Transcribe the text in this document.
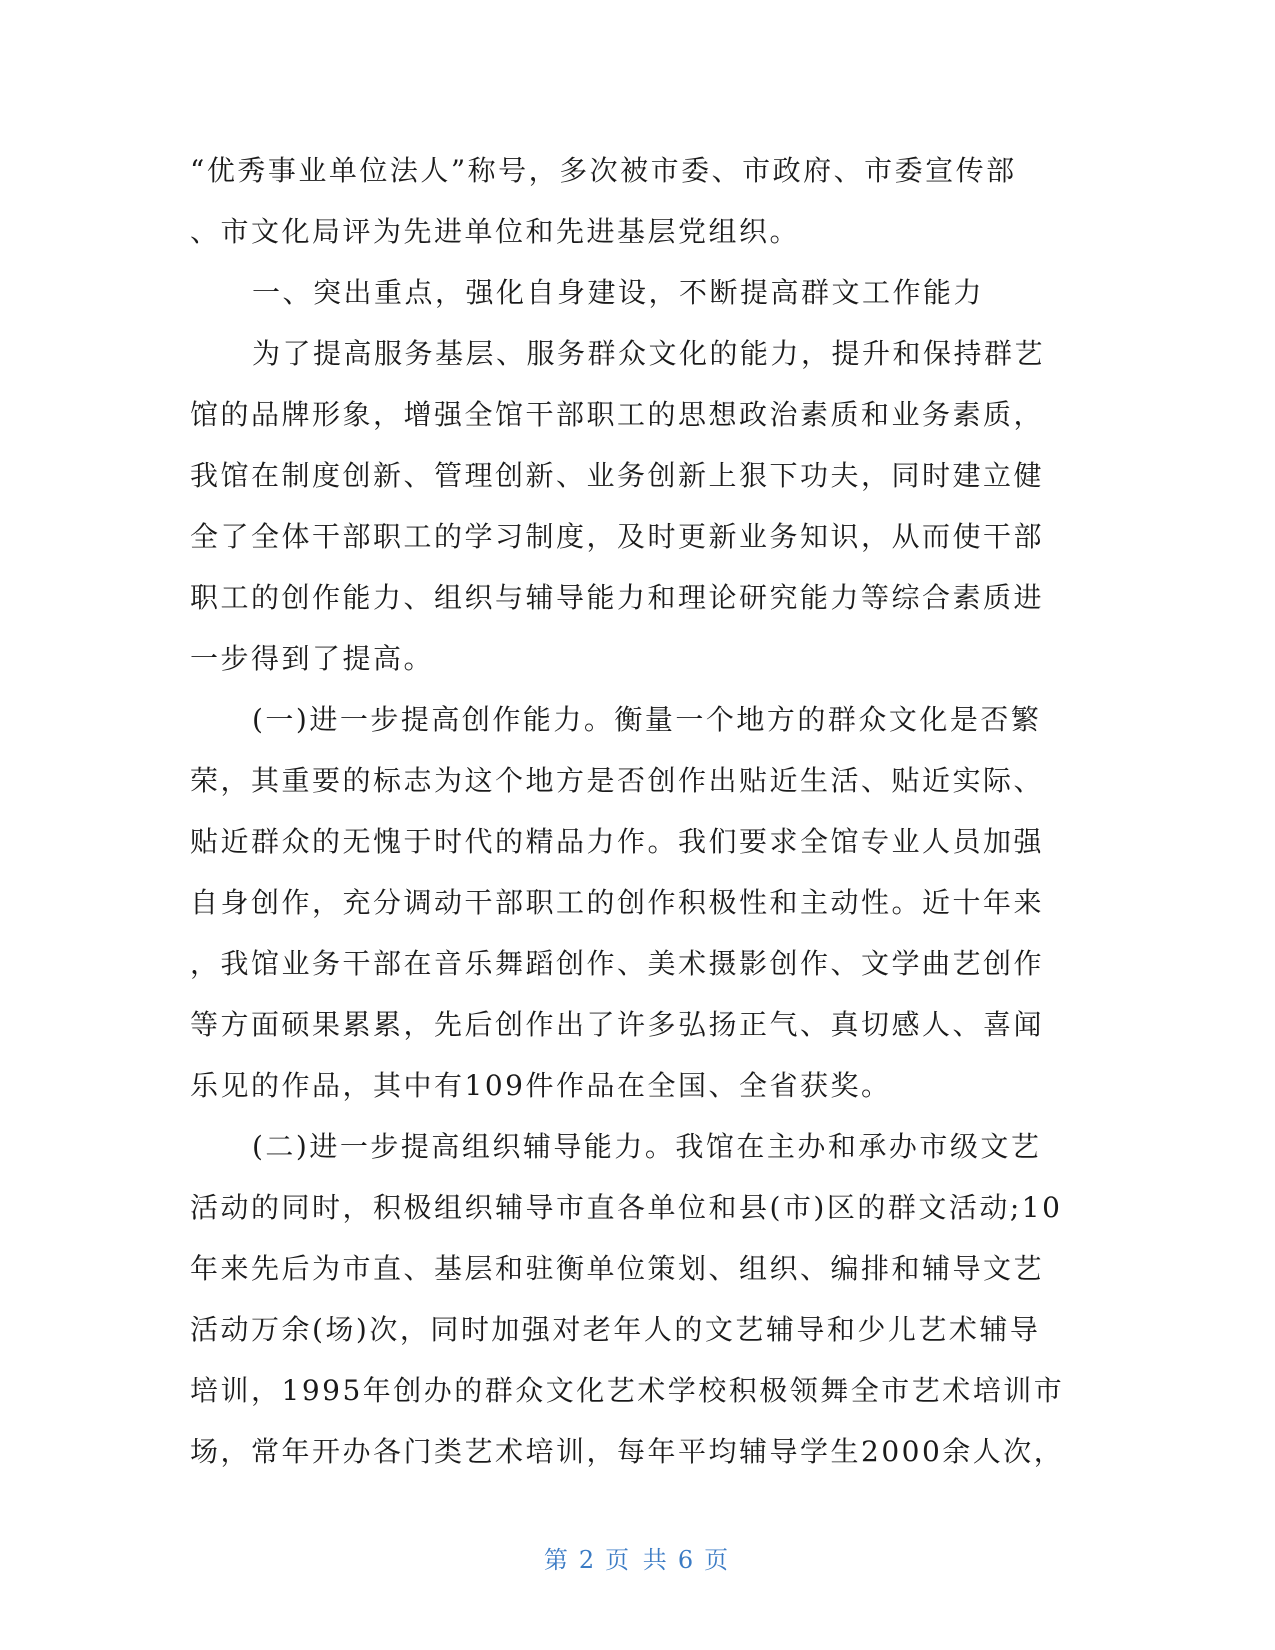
“优秀事业单位法人”称号，多次被市委、市政府、市委宣传部
、市文化局评为先进单位和先进基层党组织。
一、突出重点，强化自身建设，不断提高群文工作能力
为了提高服务基层、服务群众文化的能力，提升和保持群艺
馆的品牌形象，增强全馆干部职工的思想政治素质和业务素质，
我馆在制度创新、管理创新、业务创新上狠下功夫，同时建立健
全了全体干部职工的学习制度，及时更新业务知识，从而使干部
职工的创作能力、组织与辅导能力和理论研究能力等综合素质进
一步得到了提高。
(一)进一步提高创作能力。衡量一个地方的群众文化是否繁
荣，其重要的标志为这个地方是否创作出贴近生活、贴近实际、
贴近群众的无愧于时代的精品力作。我们要求全馆专业人员加强
自身创作，充分调动干部职工的创作积极性和主动性。近十年来
，我馆业务干部在音乐舞蹈创作、美术摄影创作、文学曲艺创作
等方面硕果累累，先后创作出了许多弘扬正气、真切感人、喜闻
乐见的作品，其中有109件作品在全国、全省获奖。
(二)进一步提高组织辅导能力。我馆在主办和承办市级文艺
活动的同时，积极组织辅导市直各单位和县(市)区的群文活动;10
年来先后为市直、基层和驻衡单位策划、组织、编排和辅导文艺
活动万余(场)次，同时加强对老年人的文艺辅导和少儿艺术辅导
培训，1995年创办的群众文化艺术学校积极领舞全市艺术培训市
场，常年开办各门类艺术培训，每年平均辅导学生2000余人次，
第 2 页 共 6 页
